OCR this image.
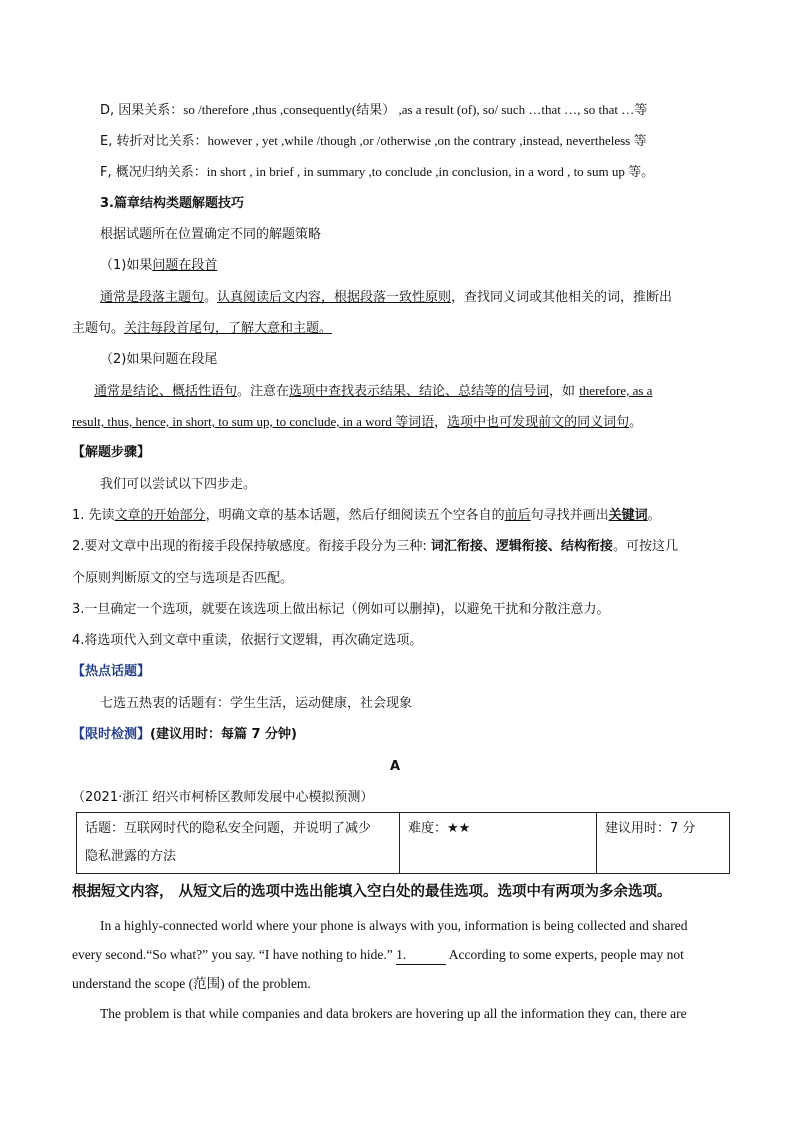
D, 因果关系：so /therefore ,thus ,consequently(结果） ,as a result (of), so/ such …that …, so that …等
E, 转折对比关系：however , yet ,while /though ,or /otherwise ,on the contrary ,instead, nevertheless 等
F, 概况归纳关系：in short , in brief , in summary ,to conclude ,in conclusion, in a word , to sum up 等。
3.篇章结构类题解题技巧
根据试题所在位置确定不同的解题策略
（1)如果问题在段首
通常是段落主题句。认真阅读后文内容，根据段落一致性原则，查找同义词或其他相关的词，推断出
主题句。关注每段首尾句，了解大意和主题。
（2)如果问题在段尾
通常是结论、概括性语句。注意在选项中查找表示结果、结论、总结等的信号词，如 therefore, as a
result, thus, hence, in short, to sum up, to conclude, in a word 等词语，选项中也可发现前文的同义词句。
【解题步骤】
我们可以尝试以下四步走。
1. 先读文章的开始部分，明确文章的基本话题，然后仔细阅读五个空各自的前后句寻找并画出关键词。
2.要对文章中出现的衔接手段保持敏感度。衔接手段分为三种: 词汇衔接、逻辑衔接、结构衔接。可按这几
个原则判断原文的空与选项是否匹配。
3.一旦确定一个选项，就要在该选项上做出标记（例如可以删掉)，以避免干扰和分散注意力。
4.将选项代入到文章中重读，依据行文逻辑，再次确定选项。
【热点话题】
七选五热衷的话题有：学生生活，运动健康，社会现象
【限时检测】(建议用时：每篇 7 分钟)
A
（2021·浙江 绍兴市柯桥区教师发展中心模拟预测）
话题：互联网时代的隐私安全问题，并说明了减少
隐私泄露的方法
	难度：★★	建议用时：7 分
根据短文内容， 从短文后的选项中选出能填入空白处的最佳选项。选项中有两项为多余选项。
In a highly-connected world where your phone is always with you, information is being collected and shared
every second.“So what?” you say. “I have nothing to hide.” 1.	According to some experts, people may not
understand the scope (范围) of the problem.
The problem is that while companies and data brokers are hovering up all the information they can, there are
